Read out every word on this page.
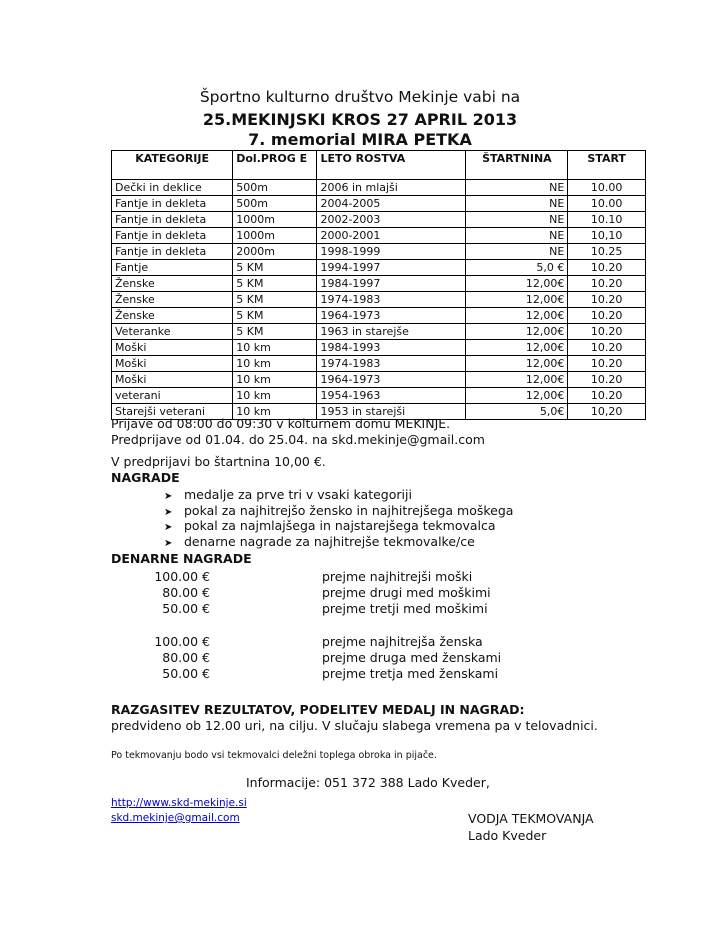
Športno kulturno društvo Mekinje vabi na
25.MEKINJSKI KROS 27 APRIL 2013
7. memorial MIRA PETKA
KATEGORIJE	Dol.PROG E	LETO ROSTVA	ŠTARTNINA	START
Dečki in deklice	500m	2006 in mlajši	NE	10.00
Fantje in dekleta	500m	2004-2005	NE	10.00
Fantje in dekleta	1000m	2002-2003	NE	10.10
Fantje in dekleta	1000m	2000-2001	NE	10,10
Fantje in dekleta	2000m	1998-1999	NE	10.25
Fantje	5 KM	1994-1997	5,0 €	10.20
Ženske	5 KM	1984-1997	12,00€	10.20
Ženske	5 KM	1974-1983	12,00€	10.20
Ženske	5 KM	1964-1973	12,00€	10.20
Veteranke	5 KM	1963 in starejše	12,00€	10.20
Moški	10 km	1984-1993	12,00€	10.20
Moški	10 km	1974-1983	12,00€	10.20
Moški	10 km	1964-1973	12,00€	10.20
veterani	10 km	1954-1963	12,00€	10.20
Starejši veterani	10 km	1953 in starejši	5,0€	10,20
Prijave od 08:00 do 09:30 v kolturnem domu MEKINJE.
Predprijave od 01.04. do 25.04. na skd.mekinje@gmail.com
V predprijavi bo štartnina 10,00 €.
NAGRADE
➤ medalje za prve tri v vsaki kategoriji
➤ pokal za najhitrejšo žensko in najhitrejšega moškega
➤ pokal za najmlajšega in najstarejšega tekmovalca
➤ denarne nagrade za najhitrejše tekmovalke/ce
DENARNE NAGRADE
100.00 €	prejme najhitrejši moški
80.00 €	prejme drugi med moškimi
50.00 €	prejme tretji med moškimi
100.00 €	prejme najhitrejša ženska
80.00 €	prejme druga med ženskami
50.00 €	prejme tretja med ženskami
RAZGASITEV REZULTATOV, PODELITEV MEDALJ IN NAGRAD:
predvideno ob 12.00 uri, na cilju. V slučaju slabega vremena pa v telovadnici.
Po tekmovanju bodo vsi tekmovalci deležni toplega obroka in pijače.
Informacije: 051 372 388 Lado Kveder,
http://www.skd-mekinje.si
skd.mekinje@gmail.com	VODJA TEKMOVANJA
Lado Kveder
